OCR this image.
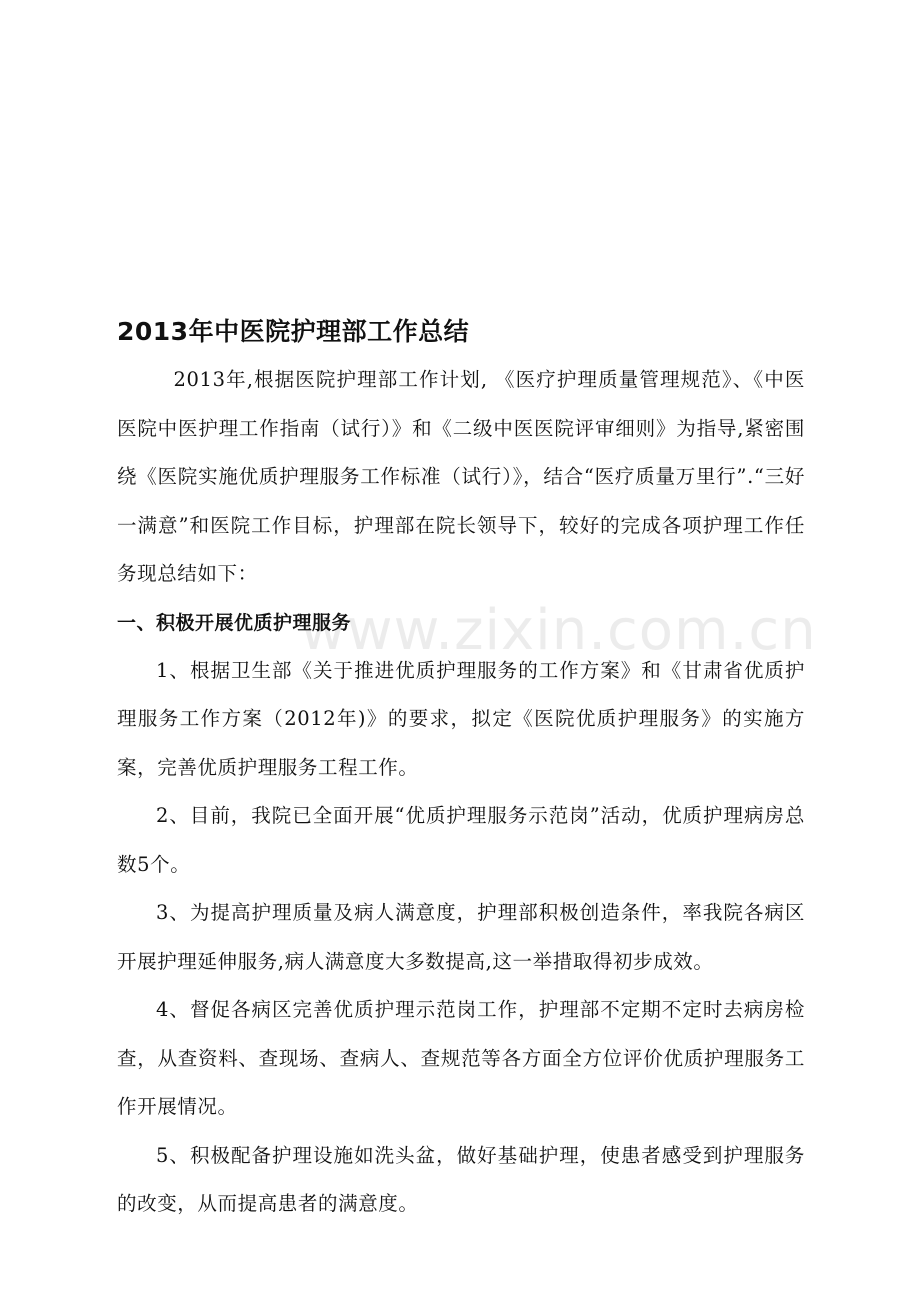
www.zixin.com.cn
2013年中医院护理部工作总结

2013年,根据医院护理部工作计划, 《医疗护理质量管理规范》、《中医医院中医护理工作指南（试行）》和《二级中医医院评审细则》为指导,紧密围绕《医院实施优质护理服务工作标准（试行）》，结合“医疗质量万里行”.“三好一满意”和医院工作目标，护理部在院长领导下，较好的完成各项护理工作任务现总结如下：

一、积极开展优质护理服务

1、根据卫生部《关于推进优质护理服务的工作方案》和《甘肃省优质护理服务工作方案（2012年)》的要求，拟定《医院优质护理服务》的实施方案，完善优质护理服务工程工作。

2、目前，我院已全面开展“优质护理服务示范岗”活动，优质护理病房总数5个。

3、为提高护理质量及病人满意度，护理部积极创造条件，率我院各病区开展护理延伸服务,病人满意度大多数提高,这一举措取得初步成效。

4、督促各病区完善优质护理示范岗工作，护理部不定期不定时去病房检查，从查资料、查现场、查病人、查规范等各方面全方位评价优质护理服务工作开展情况。

5、积极配备护理设施如洗头盆，做好基础护理，使患者感受到护理服务的改变，从而提高患者的满意度。
